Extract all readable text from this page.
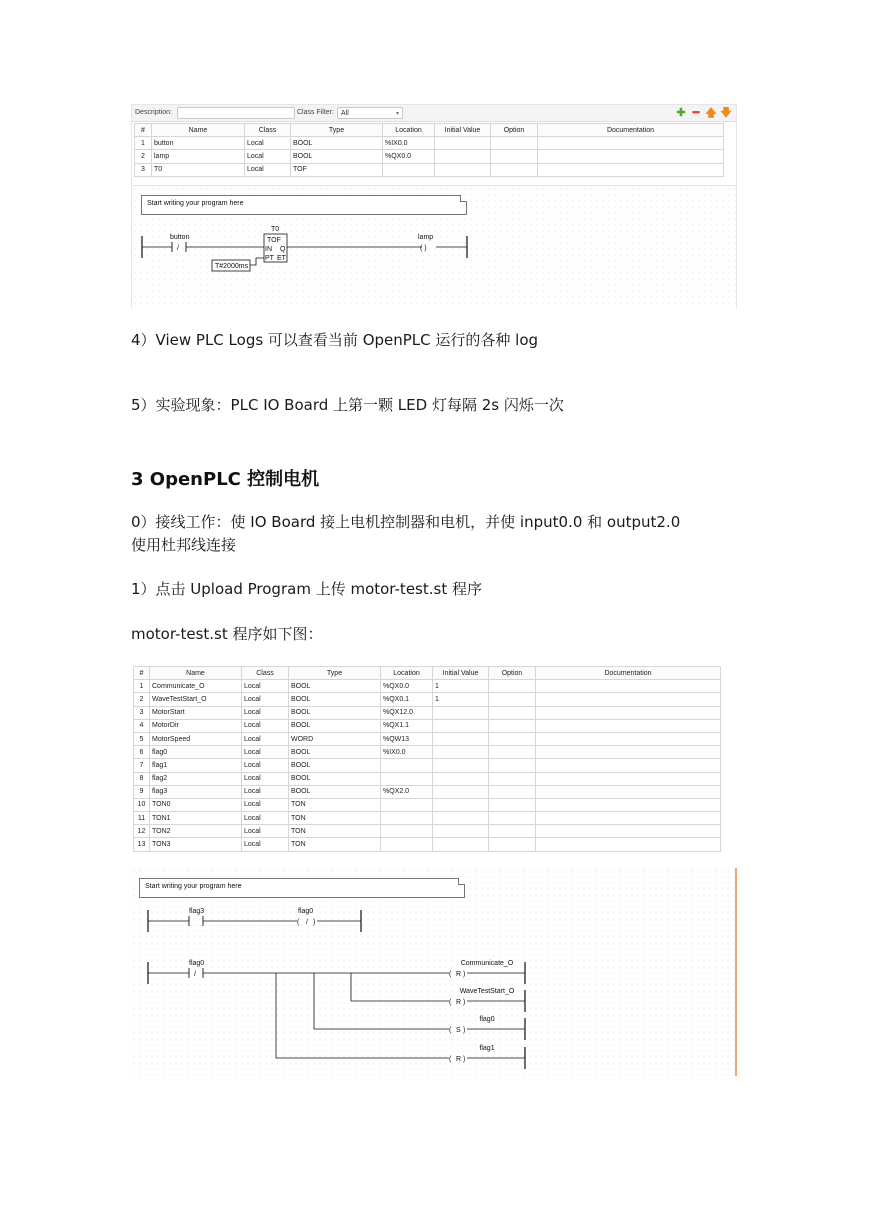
Description:	Class Filter:	All	▾	✚ ━ 🡅 🡇
#	Name	Class	Type	Location	Initial Value	Option	Documentation
1	button	Local	BOOL	%IX0.0			
2	lamp	Local	BOOL	%QX0.0			
3	T0	Local	TOF				
Start writing your program here
button
/
T0
TOF
IN Q
PT ET
T#2000ms
lamp
( )
4）View PLC Logs 可以查看当前 OpenPLC 运行的各种 log
5）实验现象：PLC IO Board 上第一颗 LED 灯每隔 2s 闪烁一次
3 OpenPLC 控制电机
0）接线工作：使 IO Board 接上电机控制器和电机，并使 input0.0 和 output2.0
使用杜邦线连接
1）点击 Upload Program 上传 motor-test.st 程序
motor-test.st 程序如下图：
#	Name	Class	Type	Location	Initial Value	Option	Documentation
1	Communicate_O	Local	BOOL	%QX0.0	1		
2	WaveTestStart_O	Local	BOOL	%QX0.1	1		
3	MotorStart	Local	BOOL	%QX12.0			
4	MotorDir	Local	BOOL	%QX1.1			
5	MotorSpeed	Local	WORD	%QW13			
6	flag0	Local	BOOL	%IX0.0			
7	flag1	Local	BOOL				
8	flag2	Local	BOOL				
9	flag3	Local	BOOL	%QX2.0			
10	TON0	Local	TON				
11	TON1	Local	TON				
12	TON2	Local	TON				
13	TON3	Local	TON				
Start writing your program here
flag3	flag0
( / )
flag0
/
Communicate_O
( R )
WaveTestStart_O
( R )
flag0
( S )
flag1
( R )
